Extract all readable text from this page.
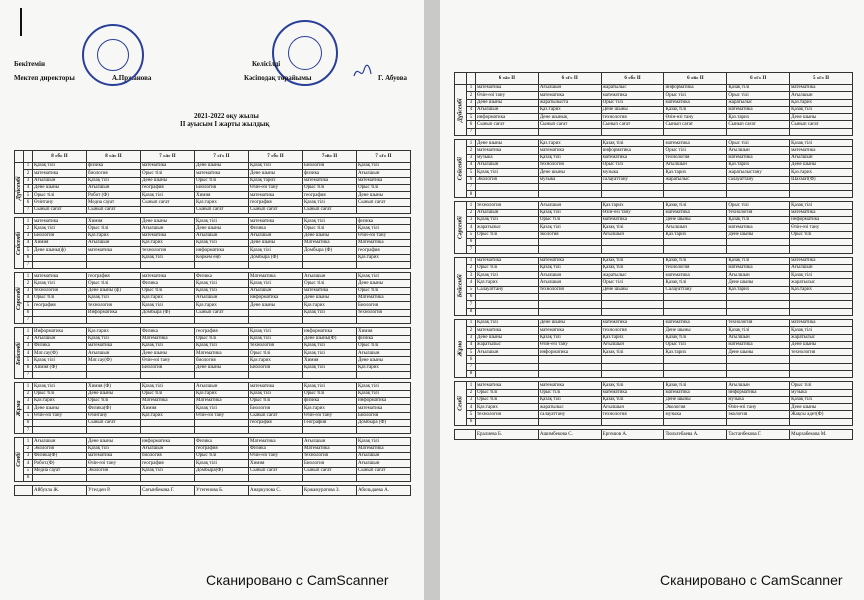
Бекітемін
Мектеп директоры	А.Пржанова
Келісілді
Кәсіподақ төрайымы	Г. Абуова
2021-2022 оқу жылы
ІІ ауысым І жарты жылдық
		8 «б» ІІ	8 «а» ІІ	7 «а» ІІ	7 «г» ІІ	7 «б» ІІ	7«в» ІІ	7 «г» ІІ
Дүйсенбі	1	Қазақ тілі	физика	математика	Дене шыны	Қазақ тілі	Биология	Қазақ тілі
	2	математика	биология	Орыс тілі	математика	Дене шыны	физика	Ағылшын
	3	Ағылшын	Қазақ тілі	Дене шыны	Орыс тілі	Қазақ тарих	математика	математика
	4	Дене шыны	Ағылшын	география	Биология	Өзін-өзі тану	Орыс тілі	Орыс тілі
	5	Орыс тілі	Робот (Ф)	Қазақ тілі	Химия	математика	география	Дене шыны
	6	Өзінтану	Медиа сауат	Сынып сағат	Қаз.тарих	география	Қазақ тілі	Сынып сағат
	7	Сынып сағат	Сынып сағат		Сынып сағат	Сынып сағат	Сынып сағат	

Сейсенбі	1	математика	Химия	Дене шыны	Қазақ тілі	математика	Қазақ тілі	физика
	2	Қазақ тілі	Орыс тілі	Ағылшын	Дене шыны	Физика	Орыс тілі	Қазақ тілі
	3	Биология	Қаз.тарих	математика	Ағылшын	Ағылшын	Дене шыны	Өзін-өзі тану
	4	Химия	Ағылшын	Қаз.тарих	Қазақ тілі	Дене шыны	Математика	Математика
	5	Дене шыны(ф)	математика	технология	информатика	Қазақ тілі	Домбыра (Ф)	география
	6			Қазақ тілі	Көркем еңб	Домбыра (Ф)		Қаз.тарих
	7							

Сәрсенбі	1	математика	география	математика	Физика	Математика	Ағылшын	Қазақ тілі
	2	Қазақ тілі	Орыс тілі	Физика	Қазақ тілі	Қазақ тілі	Орыс тілі	Дене шыны
	3	технология	Дене шыны (ф)	Орыс тілі	Қазақ тілі	Ағылшын	математика	Орыс тілі
	4	Орыс тілі	Қазақ тілі	Қаз.тарих	Ағылшын	информатика	Дене шыны	Математика
	5	география	технология	Қазақ тілі	Қаз.тарих	Дене шыны	Қаз.тарих	Биология
	6		Информатика	Домбыра (Ф)	Сынып сағат		Қазақ тілі	технология
	7							

Бейсенбі	1	Информатика	Қаз.тарих	Физика	география	Қазақ тілі	информатика	Химия
	2	Ағылшын	Қазақ тілі	Математика	Орыс тілі	Қазақ тілі	Дене шыны(Ф)	физика
	3	Физика	математика	Қазақ тілі	Қазақ тілі	технология	Қазақ тілі	Орыс тілі
	4	Мат.сау(Ф)	Ағылшын	Дене шыны	Математика	Орыс тілі	Қазақ тілі	Ағылшын
	5	Қазақ тілі	Мат.сау(Ф)	Өзін-өзі тану	биология	Қаз.тарих	Химия	Дене шыны
	6	Химия (Ф)		Биология	Дене шыны	Биология	Қазақ тілі	Қаз.тарих
	7							

Жұма	1	Қазақ тілі	Химия (Ф)	Қазақ тілі	Ағылшын	математика	Қазақ тілі	Қазақ тілі
	2	Орыс тілі	Дене шыны	Орыс тілі	Қаз.тарих	Қазақ тілі	Орыс тілі	Қазақ тілі
	3	Қаз.тарих	Орыс тілі	Математика	Математика	Орыс тілі	физика	информатика
	4	Дене шыны	Физика(Ф)	Химия	Қазақ тілі	Биология	Қаз.тарих	математика
	5	Өзін-өзі тану	Өзінтану	Қаз.тарих	Өзін-өзі тану	Сынып сағат	Өзін-өзі тану	Биология
	6		Сынып сағат			география	География	Домбыра (Ф)
	7							

Сенбі	1	Ағылшын	Дене шыны	информатика	Физика	Математика	Ағылшын	Қазақ тілі
	2	Экология	Қазақ тілі	Ағылшын	география	Физика	Математика	Математика
	3	Физика(Ф)	математика	биология	Орыс тілі	Өзін-өзі тану	технология	Ағылшын
	4	Робот.(Ф)	Өзін-өзі тану	география	Қазақ тілі	Химия	Биология	Ағылшын
	5	Медиа сауат	Экология	Қазақ тілі	Домбыра(Ф)	Сынып сағат	Сынып сағат	Сынып сағат
	6							

		Айбулла Ж.	Утелден Р.	Сағынбекова Г.	Утегенова Б.	Анаркулова С.	Қожамуратова З.	Абильдаева А.
Сканировано с CamScanner
		6 «а» ІІ	6 «г» ІІ	6 «б» ІІ	6 «в» ІІ	6 «г» ІІ	5 «г» ІІ
Дүйсенбі	1	математика	Ағылшын	жаратылыс	информатика	Қазақ тілі	математика
	2	Өзін-өзі тану	математика	математика	Орыс тілі	Орыс тілі	Ағылшын
	3	Дене шыны	жаратылыста	Орыс тілі	математика	жаратылыс	Қаз.тарих
	4	Ағылшын	Қаз.тарих	Дене шыны	Қазақ тілі	математика	Қазақ тілі
	5	информатика	Дене шынық	технология	Өзін-өзі тану	Қаз.тарих	Дене шыны
	6	Сынып сағат	Сынып сағат	Сынып сағат	Сынып сағат	Сынып сағат	Сынып сағат
	7						

Сейсенбі	1	Дене шыны	Қаз.тарих	Қазақ тілі	математика	Орыс тілі	Қазақ тілі
	2	математика	математика	информатика	Орыс тілі	Ағылшын	математика
	3	музыка	Қазақ тілі	математика	технология	математика	Ағылшын
	4	Ағылшын	технология	Орыс тілі	Ағылшын	Қаз.тарих	Дене шыны
	5	Қазақ тілі	Дене шыны	музыка	Қаз.тарих	жаратылыстану	Қаз.тарих
	6	Экология	музыка	салауаттану	жаратылыс	салауаттану	Шахмат(Ф)
	7						
	8						

Сәрсенбі	1	технология	Ағылшын	Қаз.тарих	Қазақ тілі	Орыс тілі	Қазақ тілі
	2	Ағылшын	Қазақ тілі	Өзін-өзі тану	математика	технология	математика
	3	Қазақ тілі	Орыс тілі	математика	Дене шыны	Қазақ тілі	информатика
	4	жаратылыс	Қазақ тілі	Қазақ тілі	Ағылшын	математика	Өзін-өзі тану
	5	Орыс тілі	экология	Ағылшын	Қаз.тарих	Дене шыны	Орыс тілі
	6						
	7						

Бейсенбі	1	математика	математика	Қазақ тілі	Қазақ тілі	Қазақ тілі	математика
	2	Орыс тілі	Қазақ тілі	Қазақ тілі	технология	математика	Ағылшын
	3	Қазақ тілі	Ағылшын	жаратылыс	математика	Ағылшын	Қазақ тілі
	4	Қаз.тарих	Ағылшын	Орыс тілі	Қазақ тілі	Дене шыны	жаратылыс
	5	Салауаттану	технология	Дене шыны	Салауаттану	Қаз.тарих	Қаз.тарих
	6						
	7						
	8						

Жұма	1	Қазақ тілі	Дене шыны	математика	математика	технология	математика
	2	математика	математика	технология	Дене шыны	Қазақ тілі	Қазақ тілі
	3	Дене шыны	Қазақ тілі	Қаз.тарих	Қазақ тілі	Ағылшын	жаратылыс
	4	жаратылыс	Өзін-өзі тану	Ағылшын	Орыс тілі	математика	Дене шыны
	5	Ағылшын	информатика	Қазақ тілі	Қаз.тарих	Дене шыны	технология
	6						
	7						
	8						

Сенбі	1	математика	математика	Қазақ тілі	Қазақ тілі	Ағылшын	Орыс тілі
	2	Орыс тілі	Орыс тілі	математика	математика	информатика	музыка
	3	Орыс тілі	Қазақ тілі	Қазақ тілі	Дене шыны	музыка	Қазақ тілі
	4	Қаз.тарих	жаратылыс	Ағылшын	Экология	Өзін-өзі тану	Дене шыны
	5	технология	салауаттану	технология	музыка	экология	Жақсы әдет(Ф)
	6						

		Ералиева Б.	Ашимбекова С.	Ергешов А.	Тюльтебаева А.	Тастанбекова Г.	Мырзабекова М.
Сканировано с CamScanner
